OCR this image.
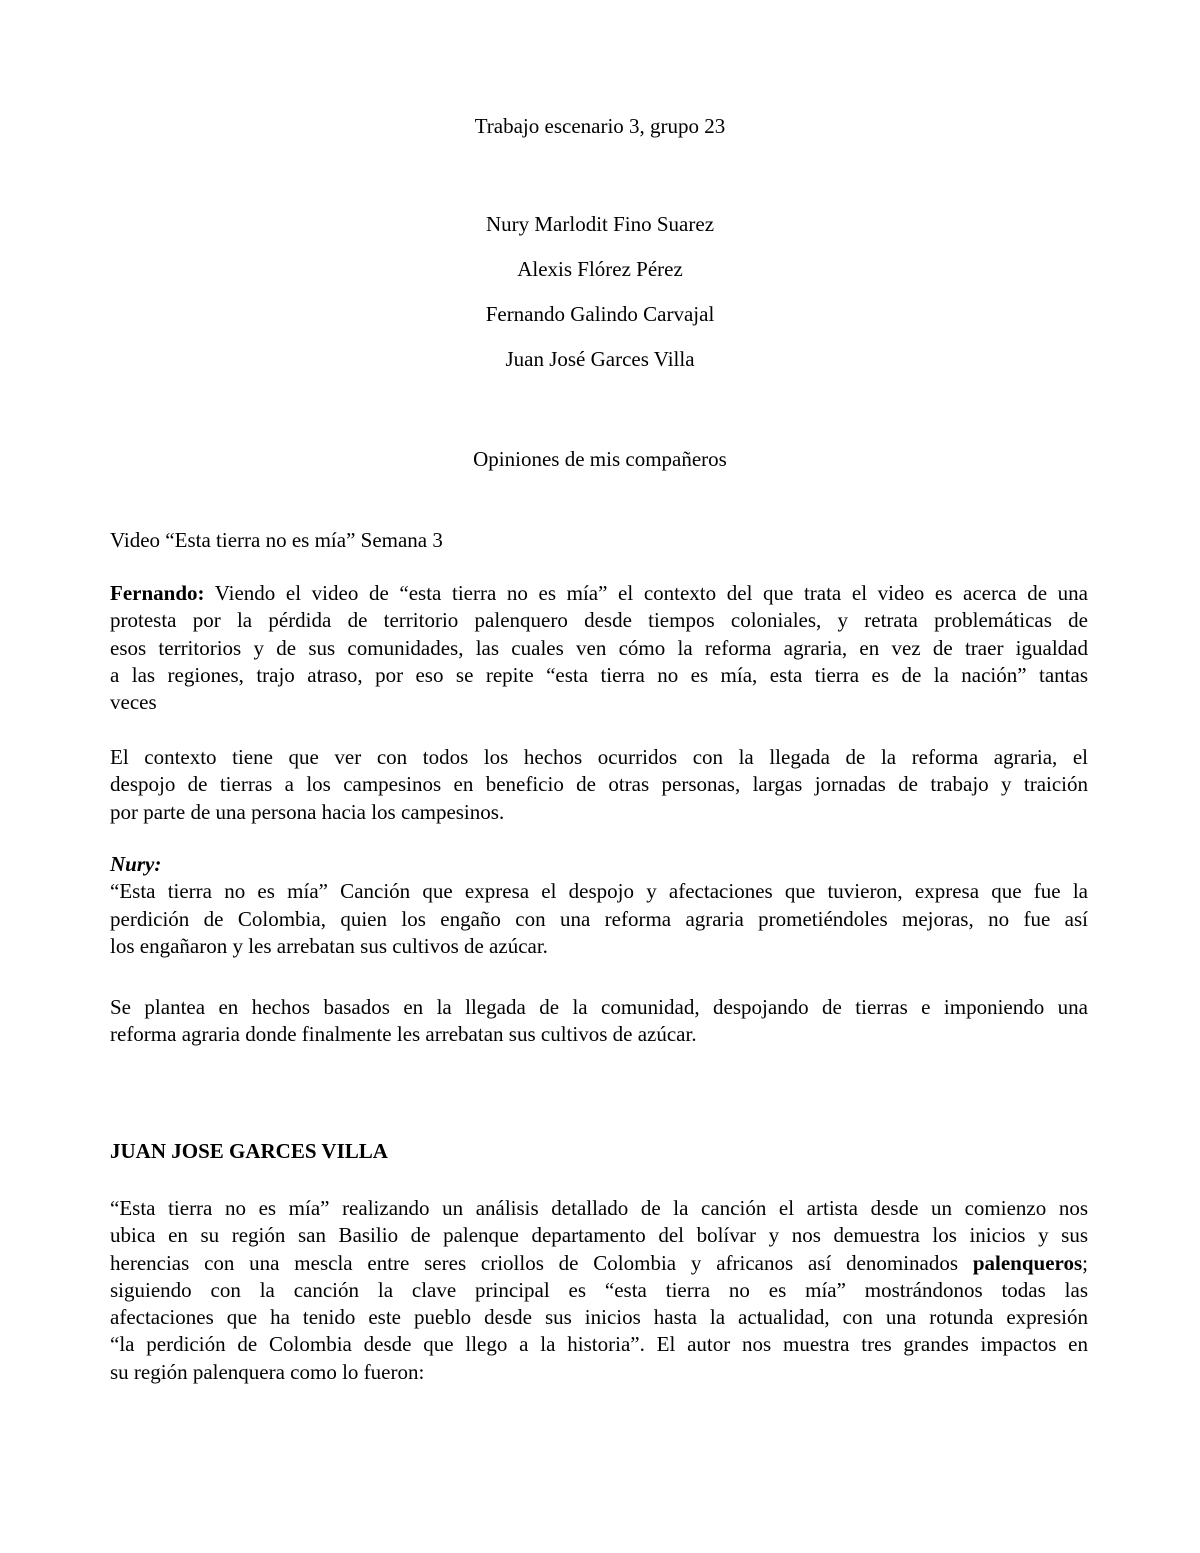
Trabajo escenario 3, grupo 23

Nury Marlodit Fino Suarez

Alexis Flórez Pérez

Fernando Galindo Carvajal

Juan José Garces Villa

Opiniones de mis compañeros

Video “Esta tierra no es mía” Semana 3

Fernando: Viendo el video de “esta tierra no es mía” el contexto del que trata el video es acerca de una
protesta por la pérdida de territorio palenquero desde tiempos coloniales, y retrata problemáticas de
esos territorios y de sus comunidades, las cuales ven cómo la reforma agraria, en vez de traer igualdad
a las regiones, trajo atraso, por eso se repite “esta tierra no es mía, esta tierra es de la nación” tantas
veces
El contexto tiene que ver con todos los hechos ocurridos con la llegada de la reforma agraria, el
despojo de tierras a los campesinos en beneficio de otras personas, largas jornadas de trabajo y traición
por parte de una persona hacia los campesinos.
Nury:
“Esta tierra no es mía” Canción que expresa el despojo y afectaciones que tuvieron, expresa que fue la
perdición de Colombia, quien los engaño con una reforma agraria prometiéndoles mejoras, no fue así
los engañaron y les arrebatan sus cultivos de azúcar.
Se plantea en hechos basados en la llegada de la comunidad, despojando de tierras e imponiendo una
reforma agraria donde finalmente les arrebatan sus cultivos de azúcar.

JUAN JOSE GARCES VILLA

“Esta tierra no es mía” realizando un análisis detallado de la canción el artista desde un comienzo nos
ubica en su región san Basilio de palenque departamento del bolívar y nos demuestra los inicios y sus
herencias con una mescla entre seres criollos de Colombia y africanos así denominados palenqueros;
siguiendo con la canción la clave principal es “esta tierra no es mía” mostrándonos todas las
afectaciones que ha tenido este pueblo desde sus inicios hasta la actualidad, con una rotunda expresión
“la perdición de Colombia desde que llego a la historia”. El autor nos muestra tres grandes impactos en
su región palenquera como lo fueron:
